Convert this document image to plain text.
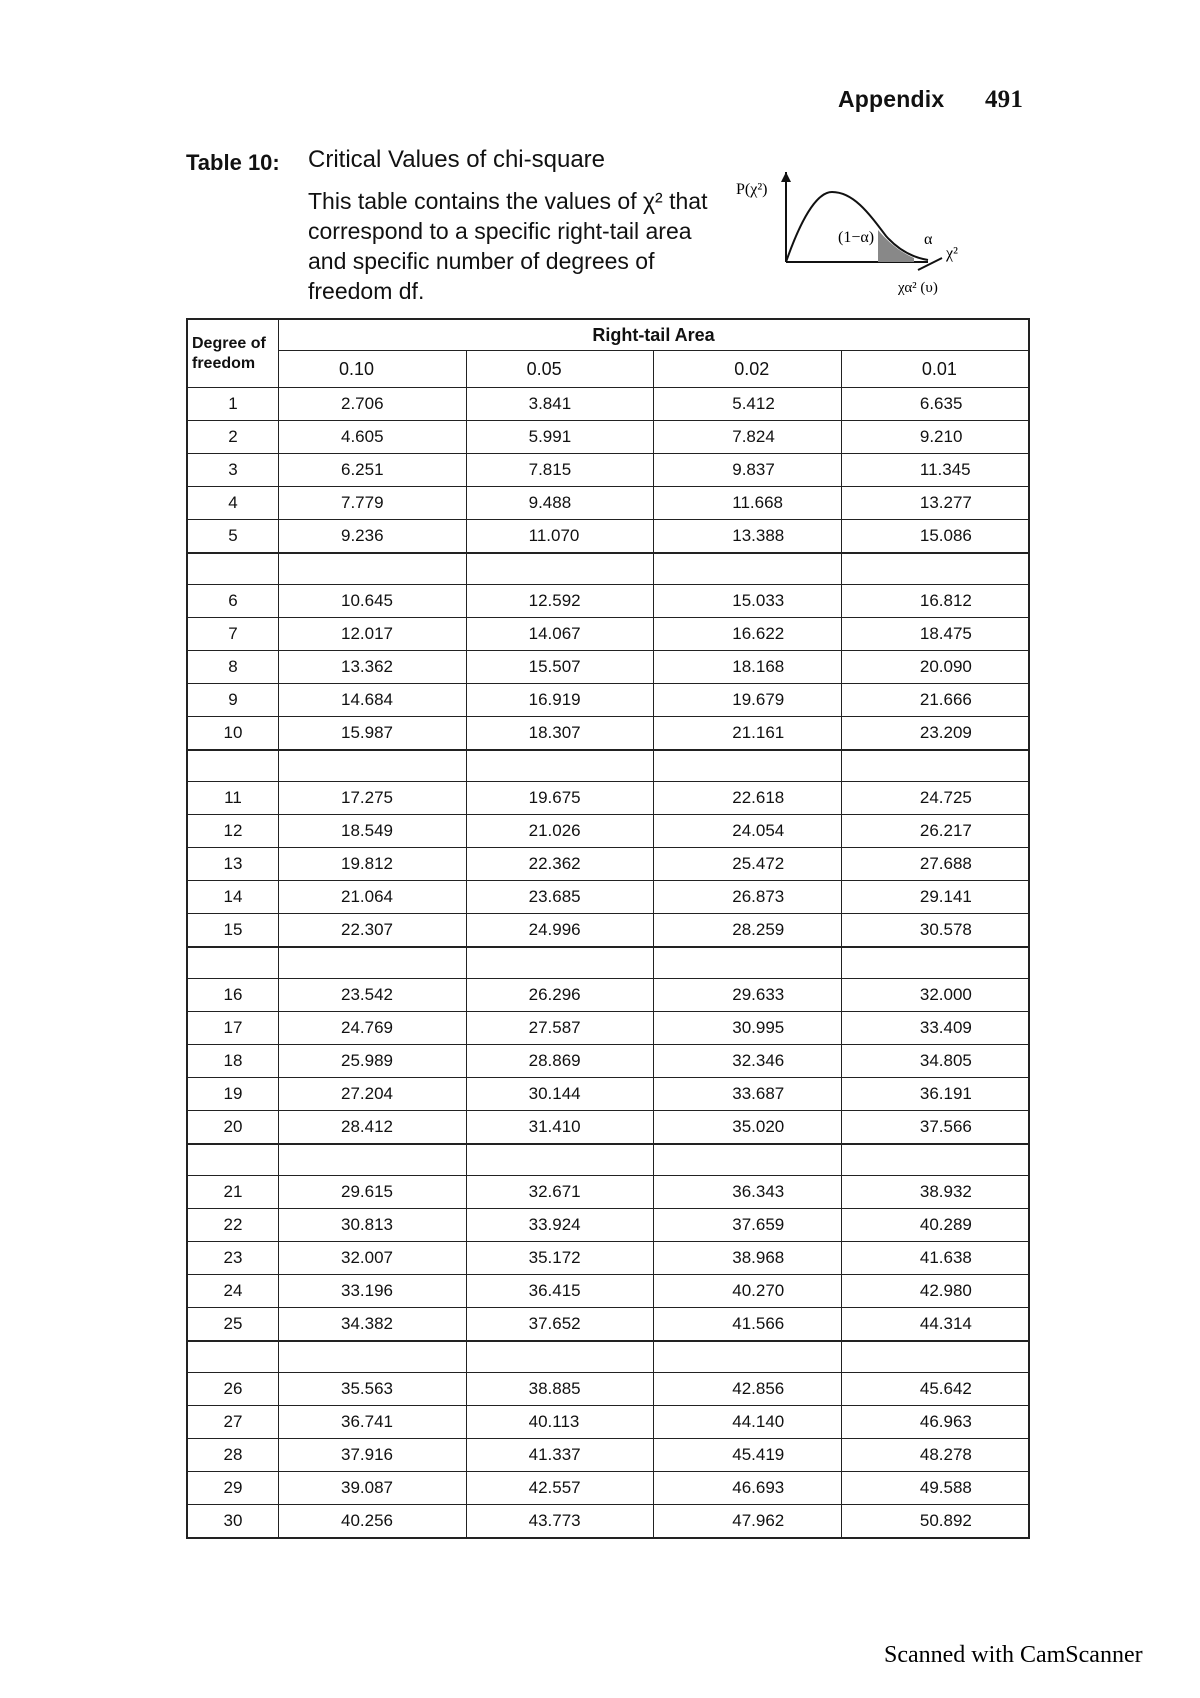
Appendix 491
Table 10: Critical Values of chi-square
This table contains the values of χ² that correspond to a specific right-tail area and specific number of degrees of freedom df.
P(χ²)
(1−α)	α
χ²
χα² (υ)
Degree of freedom	Right-tail Area			
	0.10	0.05	0.02	0.01
1	2.706	3.841	5.412	6.635
2	4.605	5.991	7.824	9.210
3	6.251	7.815	9.837	11.345
4	7.779	9.488	11.668	13.277
5	9.236	11.070	13.388	15.086

6	10.645	12.592	15.033	16.812
7	12.017	14.067	16.622	18.475
8	13.362	15.507	18.168	20.090
9	14.684	16.919	19.679	21.666
10	15.987	18.307	21.161	23.209

11	17.275	19.675	22.618	24.725
12	18.549	21.026	24.054	26.217
13	19.812	22.362	25.472	27.688
14	21.064	23.685	26.873	29.141
15	22.307	24.996	28.259	30.578

16	23.542	26.296	29.633	32.000
17	24.769	27.587	30.995	33.409
18	25.989	28.869	32.346	34.805
19	27.204	30.144	33.687	36.191
20	28.412	31.410	35.020	37.566

21	29.615	32.671	36.343	38.932
22	30.813	33.924	37.659	40.289
23	32.007	35.172	38.968	41.638
24	33.196	36.415	40.270	42.980
25	34.382	37.652	41.566	44.314

26	35.563	38.885	42.856	45.642
27	36.741	40.113	44.140	46.963
28	37.916	41.337	45.419	48.278
29	39.087	42.557	46.693	49.588
30	40.256	43.773	47.962	50.892
Scanned with CamScanner
